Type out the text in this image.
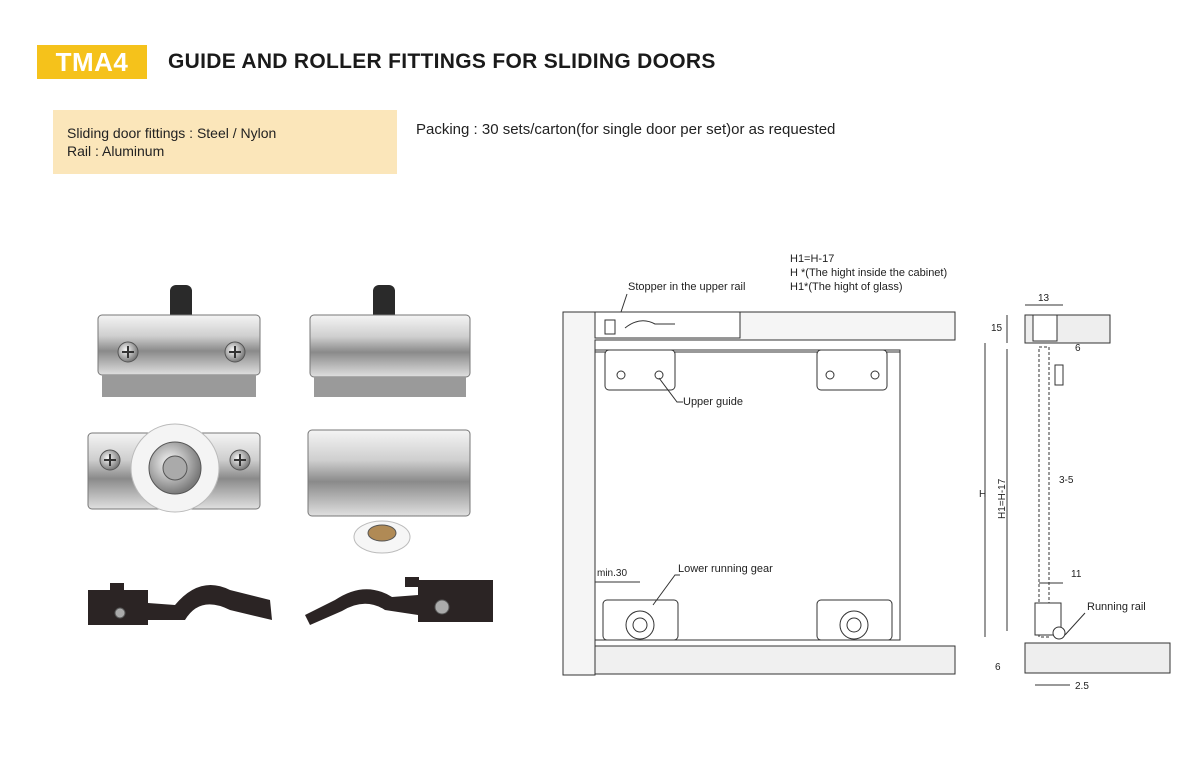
TMA4	GUIDE AND ROLLER FITTINGS FOR SLIDING DOORS
Sliding door fittings : Steel / Nylon
Rail : Aluminum
Packing : 30 sets/carton(for single door per set)or as requested
H1=H-17
H *(The hight inside the cabinet)
H1*(The hight of glass)
Stopper in the upper rail
Upper guide
Lower running gear
min.30
13
15
6
H H1=H-17	3-5
11
Running rail
6
2.5
